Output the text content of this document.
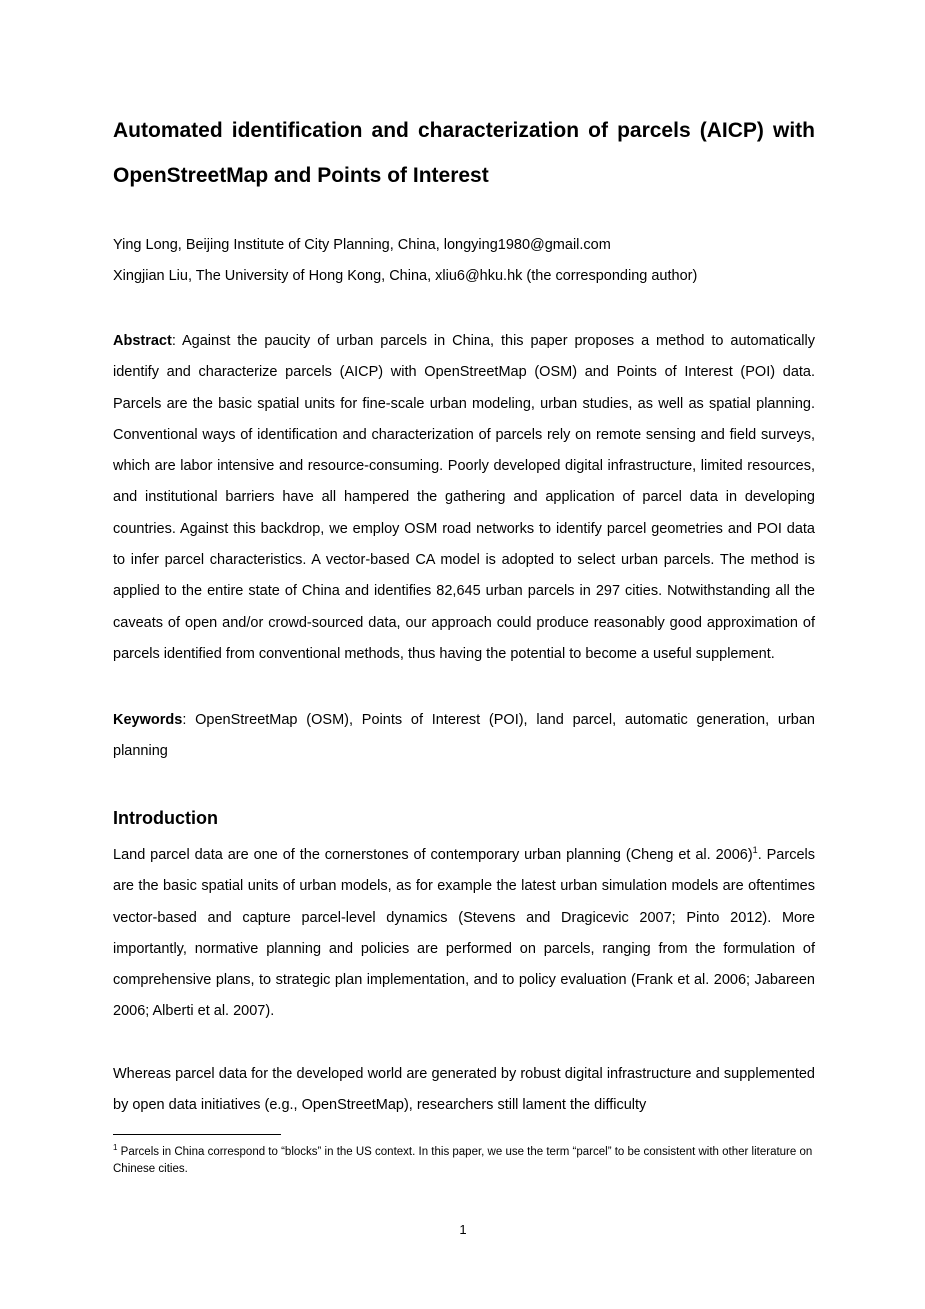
Automated identification and characterization of parcels (AICP) with OpenStreetMap and Points of Interest

Ying Long, Beijing Institute of City Planning, China, longying1980@gmail.com

Xingjian Liu, The University of Hong Kong, China, xliu6@hku.hk (the corresponding author)

Abstract: Against the paucity of urban parcels in China, this paper proposes a method to automatically identify and characterize parcels (AICP) with OpenStreetMap (OSM) and Points of Interest (POI) data. Parcels are the basic spatial units for fine-scale urban modeling, urban studies, as well as spatial planning. Conventional ways of identification and characterization of parcels rely on remote sensing and field surveys, which are labor intensive and resource-consuming. Poorly developed digital infrastructure, limited resources, and institutional barriers have all hampered the gathering and application of parcel data in developing countries. Against this backdrop, we employ OSM road networks to identify parcel geometries and POI data to infer parcel characteristics. A vector-based CA model is adopted to select urban parcels. The method is applied to the entire state of China and identifies 82,645 urban parcels in 297 cities. Notwithstanding all the caveats of open and/or crowd-sourced data, our approach could produce reasonably good approximation of parcels identified from conventional methods, thus having the potential to become a useful supplement.

Keywords: OpenStreetMap (OSM), Points of Interest (POI), land parcel, automatic generation, urban planning

Introduction

Land parcel data are one of the cornerstones of contemporary urban planning (Cheng et al. 2006)$^1$. Parcels are the basic spatial units of urban models, as for example the latest urban simulation models are oftentimes vector-based and capture parcel-level dynamics (Stevens and Dragicevic 2007; Pinto 2012). More importantly, normative planning and policies are performed on parcels, ranging from the formulation of comprehensive plans, to strategic plan implementation, and to policy evaluation (Frank et al. 2006; Jabareen 2006; Alberti et al. 2007).

Whereas parcel data for the developed world are generated by robust digital infrastructure and supplemented by open data initiatives (e.g., OpenStreetMap), researchers still lament the difficulty

$^1$ Parcels in China correspond to “blocks” in the US context. In this paper, we use the term “parcel” to be consistent with other literature on Chinese cities.

1
